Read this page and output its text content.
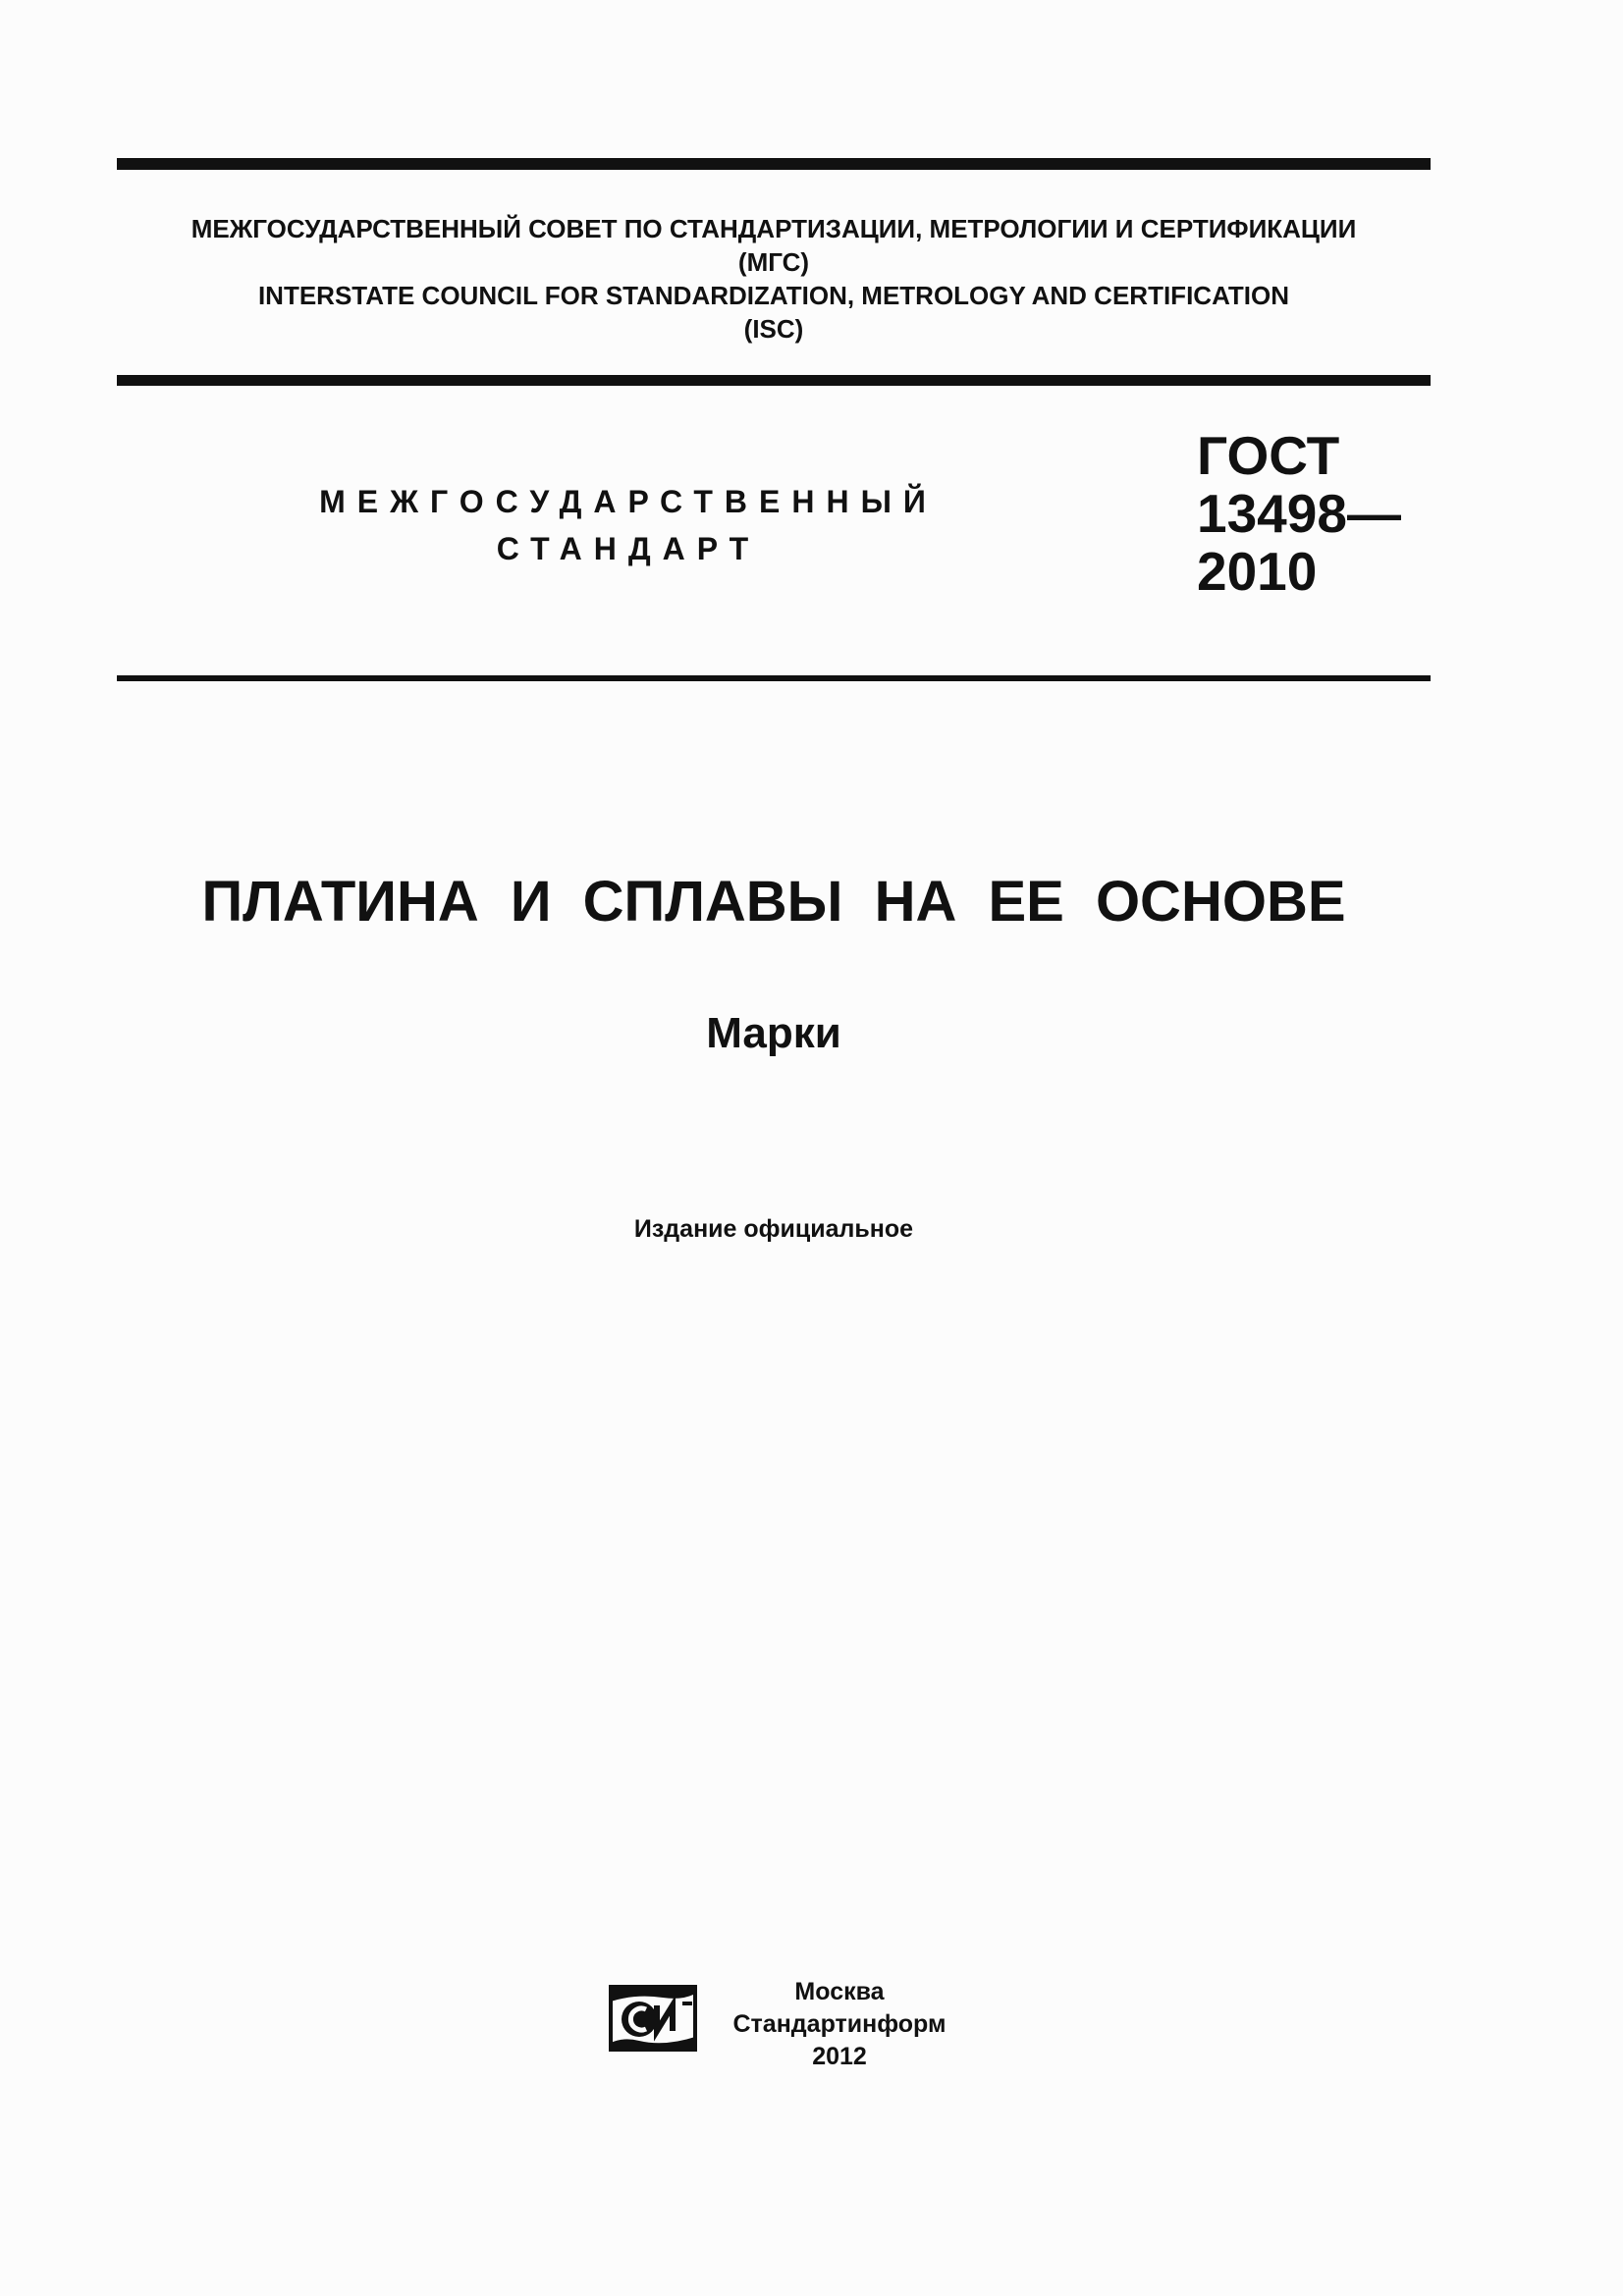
МЕЖГОСУДАРСТВЕННЫЙ СОВЕТ ПО СТАНДАРТИЗАЦИИ, МЕТРОЛОГИИ И СЕРТИФИКАЦИИ
(МГС)
INTERSTATE COUNCIL FOR STANDARDIZATION, METROLOGY AND CERTIFICATION
(ISC)
МЕЖГОСУДАРСТВЕННЫЙ
СТАНДАРТ
ГОСТ
13498—
2010
ПЛАТИНА И СПЛАВЫ НА ЕЕ ОСНОВЕ
Марки
Издание официальное
Москва
Стандартинформ
2012
